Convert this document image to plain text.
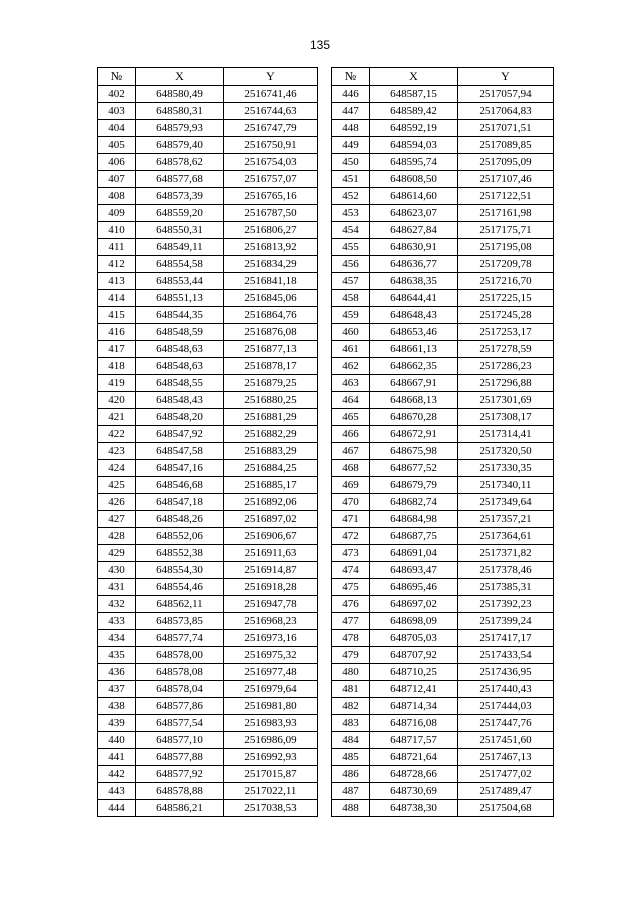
135
№	X	Y		№	X	Y
402	648580,49	2516741,46		446	648587,15	2517057,94
403	648580,31	2516744,63		447	648589,42	2517064,83
404	648579,93	2516747,79		448	648592,19	2517071,51
405	648579,40	2516750,91		449	648594,03	2517089,85
406	648578,62	2516754,03		450	648595,74	2517095,09
407	648577,68	2516757,07		451	648608,50	2517107,46
408	648573,39	2516765,16		452	648614,60	2517122,51
409	648559,20	2516787,50		453	648623,07	2517161,98
410	648550,31	2516806,27		454	648627,84	2517175,71
411	648549,11	2516813,92		455	648630,91	2517195,08
412	648554,58	2516834,29		456	648636,77	2517209,78
413	648553,44	2516841,18		457	648638,35	2517216,70
414	648551,13	2516845,06		458	648644,41	2517225,15
415	648544,35	2516864,76		459	648648,43	2517245,28
416	648548,59	2516876,08		460	648653,46	2517253,17
417	648548,63	2516877,13		461	648661,13	2517278,59
418	648548,63	2516878,17		462	648662,35	2517286,23
419	648548,55	2516879,25		463	648667,91	2517296,88
420	648548,43	2516880,25		464	648668,13	2517301,69
421	648548,20	2516881,29		465	648670,28	2517308,17
422	648547,92	2516882,29		466	648672,91	2517314,41
423	648547,58	2516883,29		467	648675,98	2517320,50
424	648547,16	2516884,25		468	648677,52	2517330,35
425	648546,68	2516885,17		469	648679,79	2517340,11
426	648547,18	2516892,06		470	648682,74	2517349,64
427	648548,26	2516897,02		471	648684,98	2517357,21
428	648552,06	2516906,67		472	648687,75	2517364,61
429	648552,38	2516911,63		473	648691,04	2517371,82
430	648554,30	2516914,87		474	648693,47	2517378,46
431	648554,46	2516918,28		475	648695,46	2517385,31
432	648562,11	2516947,78		476	648697,02	2517392,23
433	648573,85	2516968,23		477	648698,09	2517399,24
434	648577,74	2516973,16		478	648705,03	2517417,17
435	648578,00	2516975,32		479	648707,92	2517433,54
436	648578,08	2516977,48		480	648710,25	2517436,95
437	648578,04	2516979,64		481	648712,41	2517440,43
438	648577,86	2516981,80		482	648714,34	2517444,03
439	648577,54	2516983,93		483	648716,08	2517447,76
440	648577,10	2516986,09		484	648717,57	2517451,60
441	648577,88	2516992,93		485	648721,64	2517467,13
442	648577,92	2517015,87		486	648728,66	2517477,02
443	648578,88	2517022,11		487	648730,69	2517489,47
444	648586,21	2517038,53		488	648738,30	2517504,68
